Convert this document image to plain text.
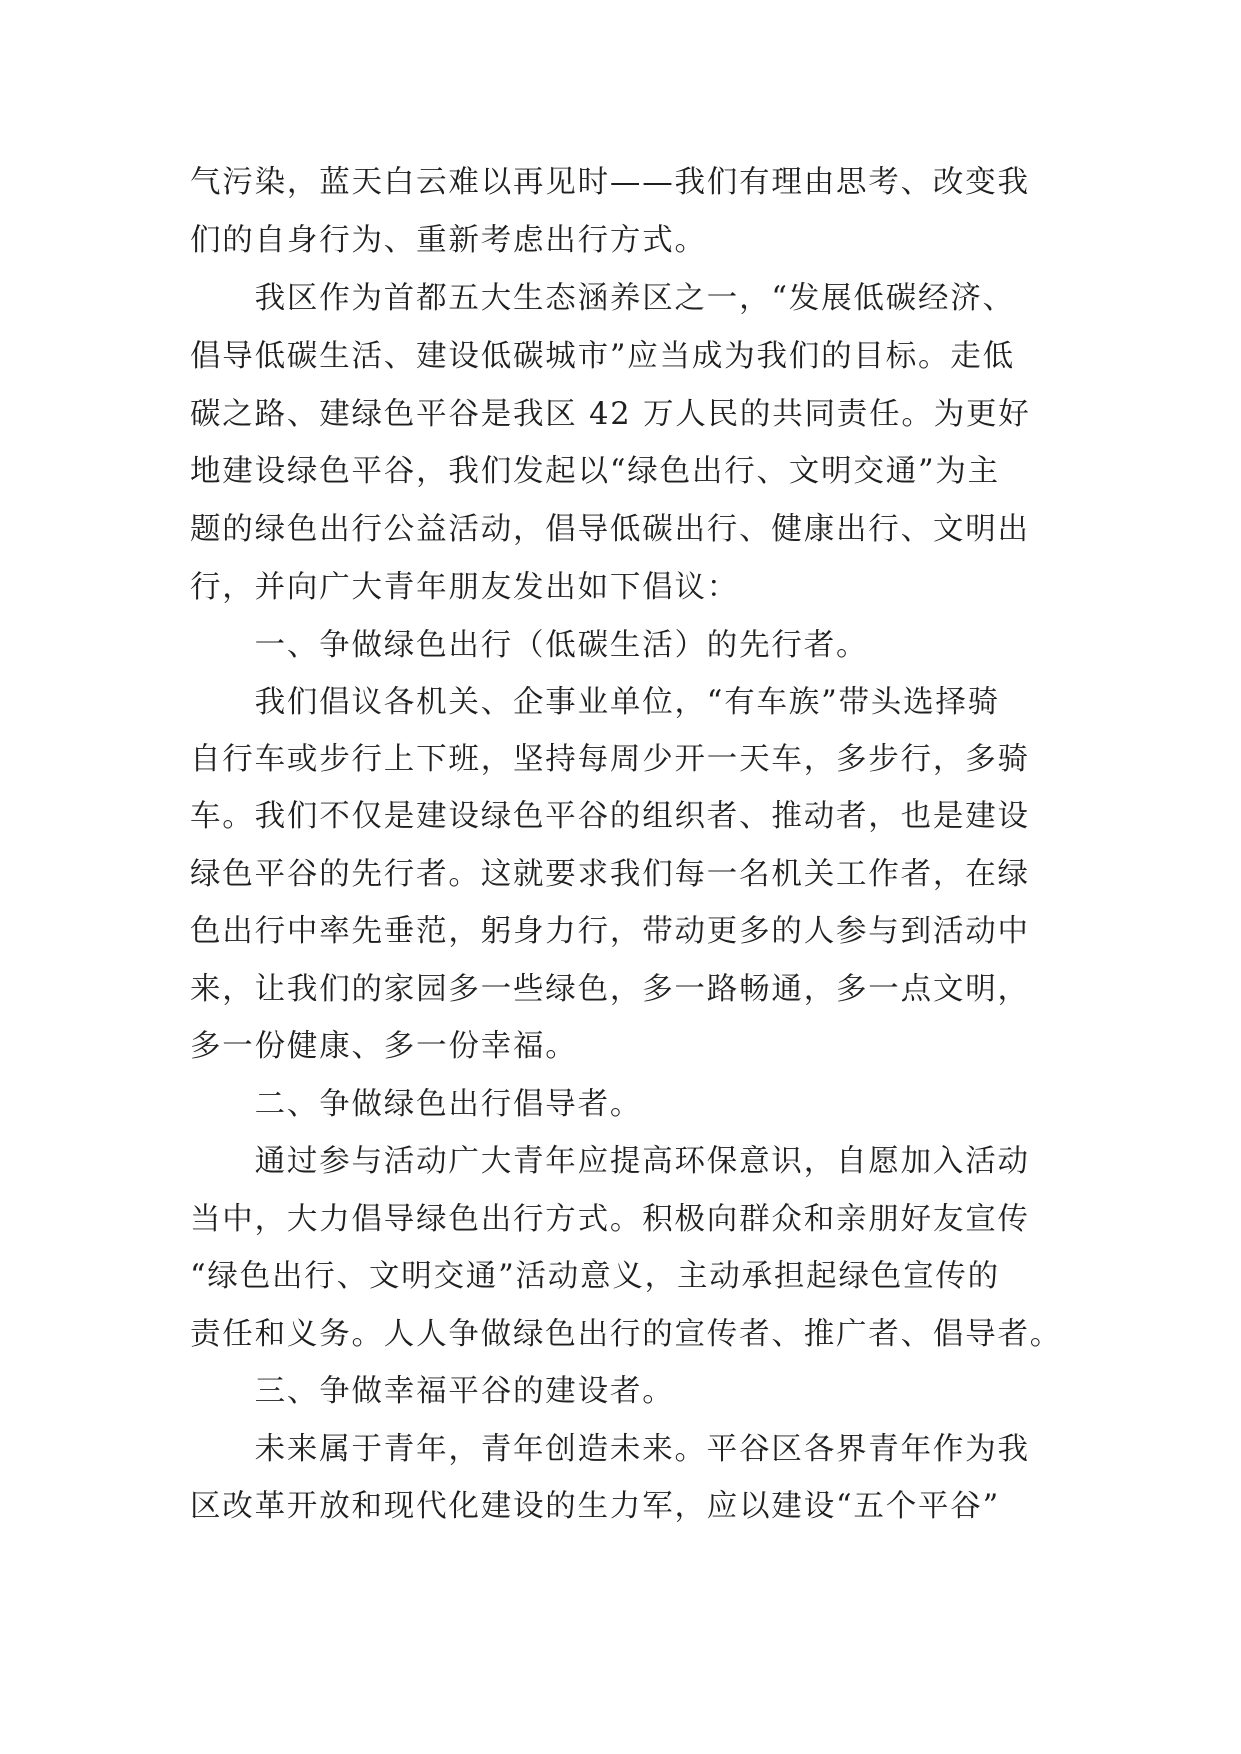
气污染，蓝天白云难以再见时——我们有理由思考、改变我
们的自身行为、重新考虑出行方式。
　　我区作为首都五大生态涵养区之一，“发展低碳经济、
倡导低碳生活、建设低碳城市”应当成为我们的目标。走低
碳之路、建绿色平谷是我区 42 万人民的共同责任。为更好
地建设绿色平谷，我们发起以“绿色出行、文明交通”为主
题的绿色出行公益活动，倡导低碳出行、健康出行、文明出
行，并向广大青年朋友发出如下倡议：
　　一、争做绿色出行（低碳生活）的先行者。
　　我们倡议各机关、企事业单位，“有车族”带头选择骑
自行车或步行上下班，坚持每周少开一天车，多步行，多骑
车。我们不仅是建设绿色平谷的组织者、推动者，也是建设
绿色平谷的先行者。这就要求我们每一名机关工作者，在绿
色出行中率先垂范，躬身力行，带动更多的人参与到活动中
来，让我们的家园多一些绿色，多一路畅通，多一点文明，
多一份健康、多一份幸福。
　　二、争做绿色出行倡导者。
　　通过参与活动广大青年应提高环保意识，自愿加入活动
当中，大力倡导绿色出行方式。积极向群众和亲朋好友宣传
“绿色出行、文明交通”活动意义，主动承担起绿色宣传的
责任和义务。人人争做绿色出行的宣传者、推广者、倡导者。
　　三、争做幸福平谷的建设者。
　　未来属于青年，青年创造未来。平谷区各界青年作为我
区改革开放和现代化建设的生力军，应以建设“五个平谷”
